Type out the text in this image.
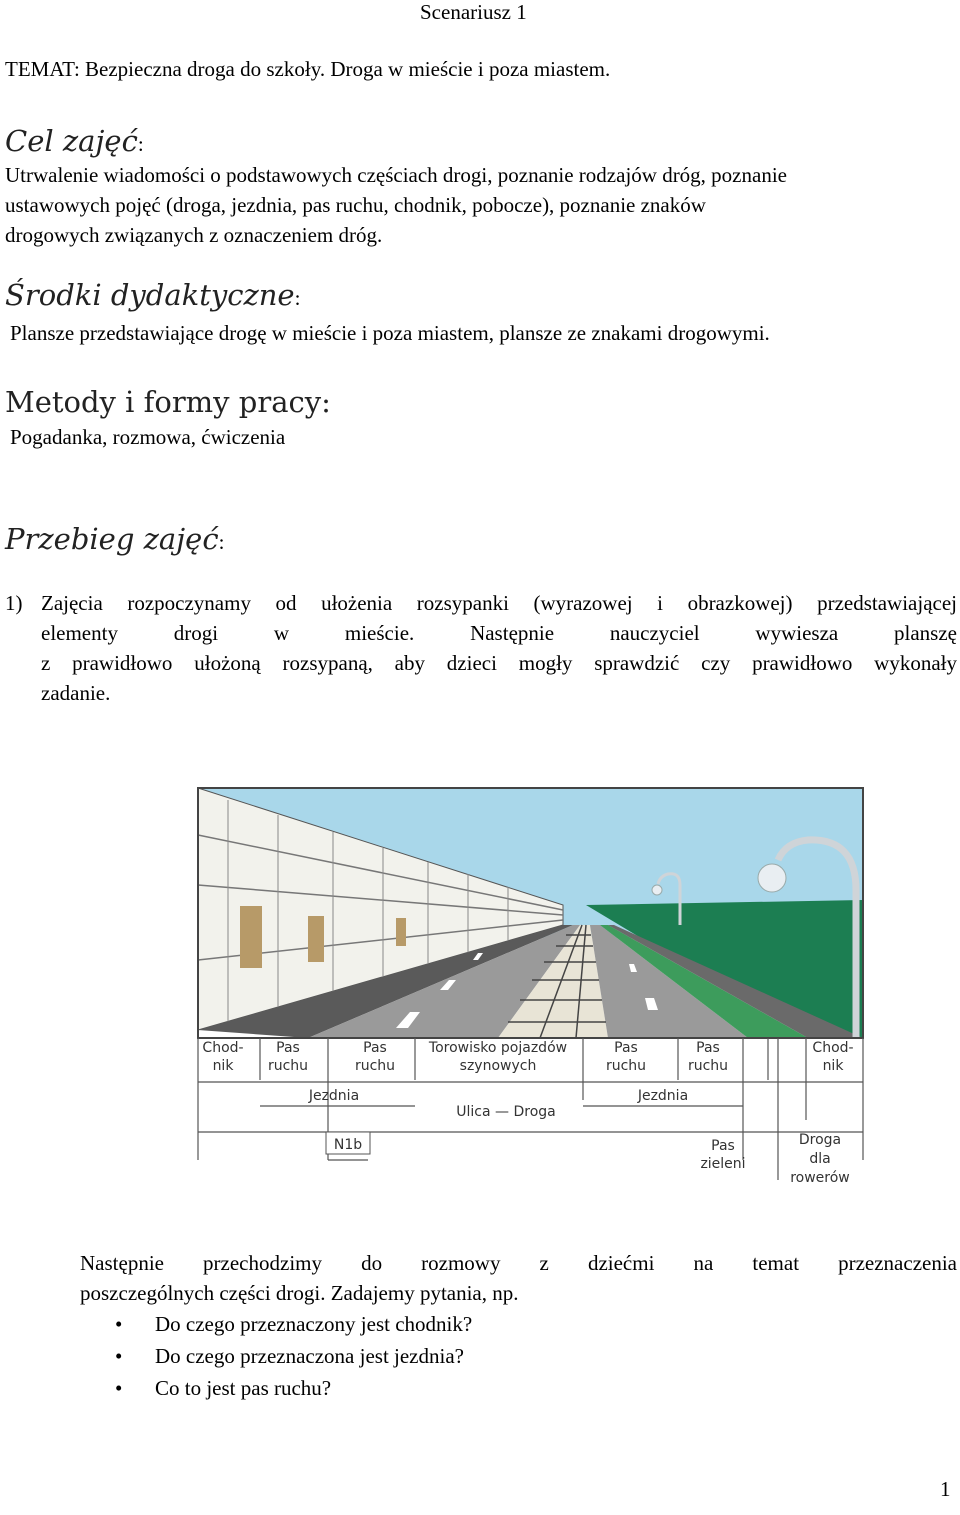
Scenariusz 1
TEMAT: Bezpieczna droga do szkoły. Droga w mieście i poza miastem.
Cel zajęć:
Utrwalenie wiadomości o podstawowych częściach drogi, poznanie rodzajów dróg, poznanie
ustawowych pojęć (droga, jezdnia, pas ruchu, chodnik, pobocze), poznanie znaków
drogowych związanych z oznaczeniem dróg.
Środki dydaktyczne:
Plansze przedstawiające drogę w mieście i poza miastem, plansze ze znakami drogowymi.
Metody i formy pracy:
Pogadanka, rozmowa, ćwiczenia
Przebieg zajęć:
1) Zajęcia rozpoczynamy od ułożenia rozsypanki (wyrazowej i obrazkowej) przedstawiającej
elementy drogi w mieście. Następnie nauczyciel wywiesza planszę
z prawidłowo ułożoną rozsypaną, aby dzieci mogły sprawdzić czy prawidłowo wykonały
zadanie.
Chod-nik
Pas ruchu
Pas ruchu
Torowisko pojazdów szynowych
Pas ruchu
Pas ruchu
Chod-nik
Jezdnia
Ulica — Droga
Jezdnia
N1b	Pas zieleni
Droga dla rowerów
Następnie przechodzimy do rozmowy z dziećmi na temat przeznaczenia
poszczególnych części drogi. Zadajemy pytania, np.
• Do czego przeznaczony jest chodnik?
• Do czego przeznaczona jest jezdnia?
• Co to jest pas ruchu?
1
